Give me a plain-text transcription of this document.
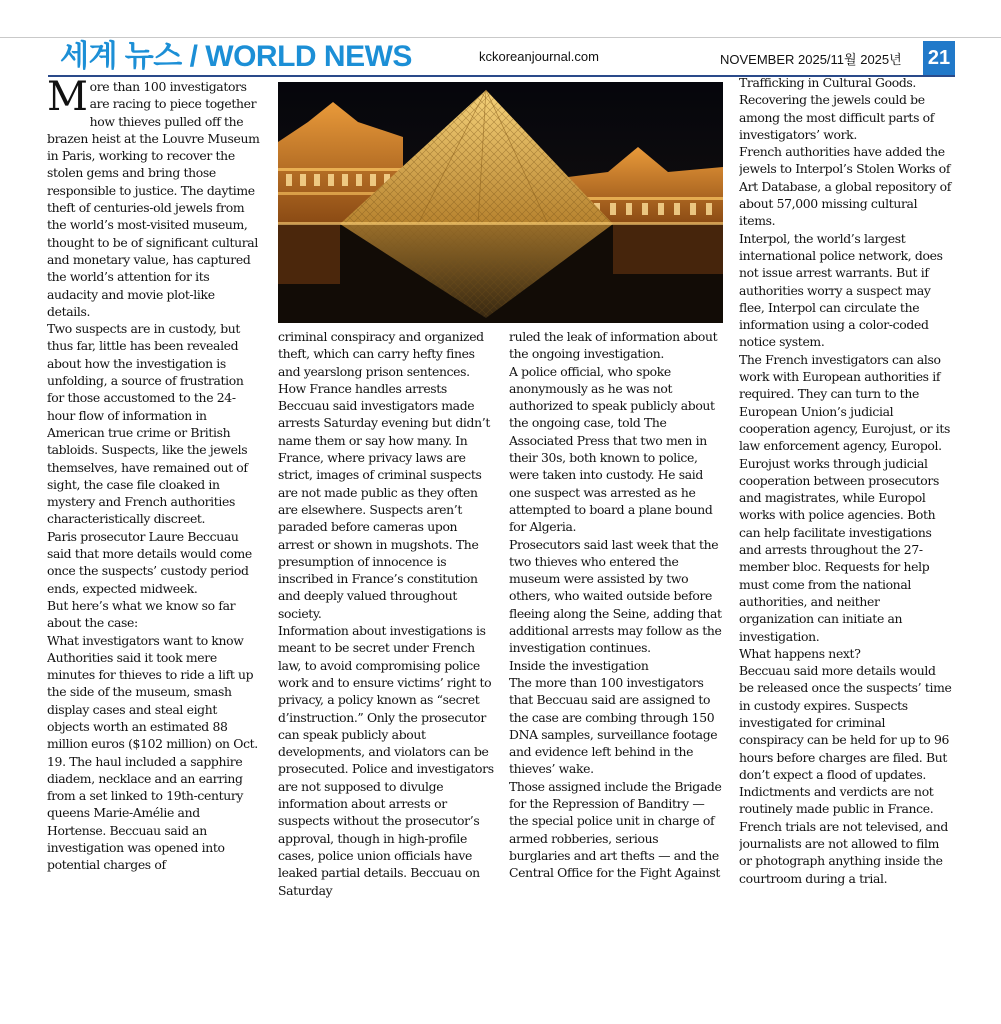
세계 뉴스 / WORLD NEWS	kckoreanjournal.com	NOVEMBER 2025/11월 2025년 21

More than 100 investigators are racing to piece together how thieves pulled off the brazen heist at the Louvre Museum in Paris, working to recover the stolen gems and bring those responsible to justice. The daytime theft of centuries-old jewels from the world’s most-visited museum, thought to be of significant cultural and monetary value, has captured the world’s attention for its audacity and movie plot-like details.

Two suspects are in custody, but thus far, little has been revealed about how the investigation is unfolding, a source of frustration for those accustomed to the 24-hour flow of information in American true crime or British tabloids. Suspects, like the jewels themselves, have remained out of sight, the case file cloaked in mystery and French authorities characteristically discreet.

Paris prosecutor Laure Beccuau said that more details would come once the suspects’ custody period ends, expected midweek.

But here’s what we know so far about the case:

What investigators want to know

Authorities said it took mere minutes for thieves to ride a lift up the side of the museum, smash display cases and steal eight objects worth an estimated 88 million euros ($102 million) on Oct. 19. The haul included a sapphire diadem, necklace and an earring from a set linked to 19th-century queens Marie-Amélie and Hortense. Beccuau said an investigation was opened into potential charges of

criminal conspiracy and organized theft, which can carry hefty fines and yearslong prison sentences.

How France handles arrests

Beccuau said investigators made arrests Saturday evening but didn’t name them or say how many. In France, where privacy laws are strict, images of criminal suspects are not made public as they often are elsewhere. Suspects aren’t paraded before cameras upon arrest or shown in mugshots. The presumption of innocence is inscribed in France’s constitution and deeply valued throughout society.

Information about investigations is meant to be secret under French law, to avoid compromising police work and to ensure victims’ right to privacy, a policy known as “secret d’instruction.” Only the prosecutor can speak publicly about developments, and violators can be prosecuted. Police and investigators are not supposed to divulge information about arrests or suspects without the prosecutor’s approval, though in high-profile cases, police union officials have leaked partial details. Beccuau on Saturday

ruled the leak of information about the ongoing investigation.

A police official, who spoke anonymously as he was not authorized to speak publicly about the ongoing case, told The Associated Press that two men in their 30s, both known to police, were taken into custody. He said one suspect was arrested as he attempted to board a plane bound for Algeria.

Prosecutors said last week that the two thieves who entered the museum were assisted by two others, who waited outside before fleeing along the Seine, adding that additional arrests may follow as the investigation continues.

Inside the investigation

The more than 100 investigators that Beccuau said are assigned to the case are combing through 150 DNA samples, surveillance footage and evidence left behind in the thieves’ wake.

Those assigned include the Brigade for the Repression of Banditry — the special police unit in charge of armed robberies, serious burglaries and art thefts — and the Central Office for the Fight Against

Trafficking in Cultural Goods. Recovering the jewels could be among the most difficult parts of investigators’ work.

French authorities have added the jewels to Interpol’s Stolen Works of Art Database, a global repository of about 57,000 missing cultural items.

Interpol, the world’s largest international police network, does not issue arrest warrants. But if authorities worry a suspect may flee, Interpol can circulate the information using a color-coded notice system.

The French investigators can also work with European authorities if required. They can turn to the European Union’s judicial cooperation agency, Eurojust, or its law enforcement agency, Europol. Eurojust works through judicial cooperation between prosecutors and magistrates, while Europol works with police agencies. Both can help facilitate investigations and arrests throughout the 27-member bloc. Requests for help must come from the national authorities, and neither organization can initiate an investigation.

What happens next?

Beccuau said more details would be released once the suspects’ time in custody expires. Suspects investigated for criminal conspiracy can be held for up to 96 hours before charges are filed. But don’t expect a flood of updates. Indictments and verdicts are not routinely made public in France. French trials are not televised, and journalists are not allowed to film or photograph anything inside the courtroom during a trial.
